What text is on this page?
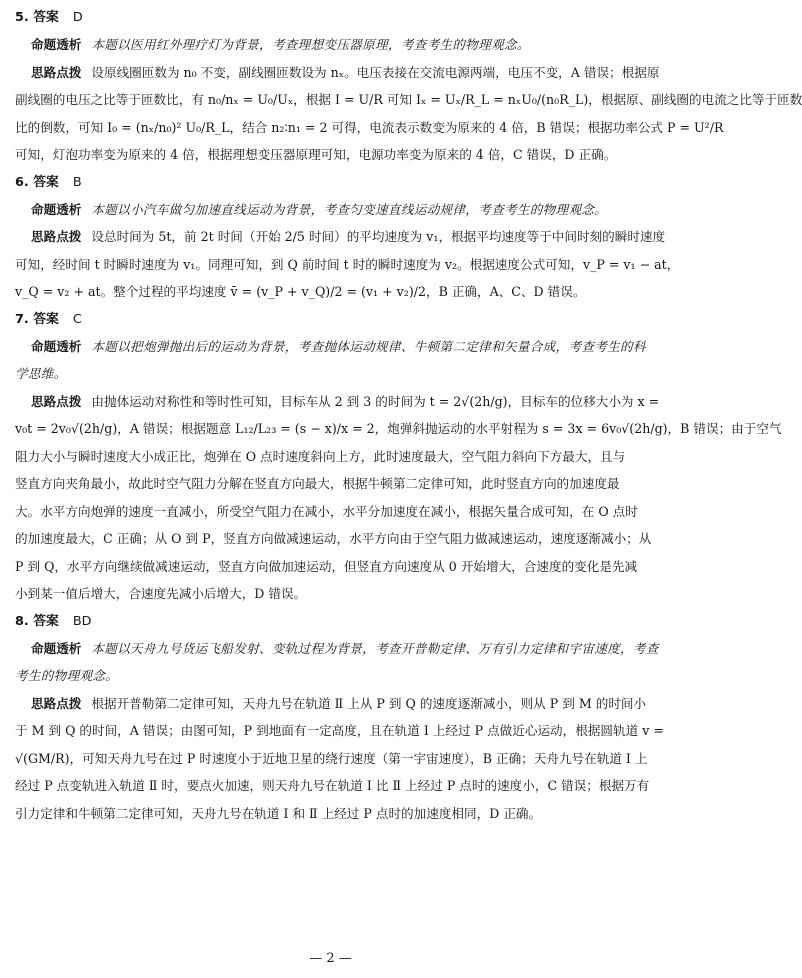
5. 答案 D
命题透析 本题以医用红外理疗灯为背景，考查理想变压器原理，考查考生的物理观念。
思路点拨 设原线圈匝数为 n₀ 不变，副线圈匝数设为 nₓ。电压表接在交流电源两端，电压不变，A 错误；根据原
副线圈的电压之比等于匝数比，有 n₀/nₓ = U₀/Uₓ，根据 I = U/R 可知 Iₓ = Uₓ/R_L = nₓU₀/(n₀R_L)，根据原、副线圈的电流之比等于匝数
比的倒数，可知 I₀ = (nₓ/n₀)² U₀/R_L，结合 n₂∶n₁ = 2 可得，电流表示数变为原来的 4 倍，B 错误；根据功率公式 P = U²/R
可知，灯泡功率变为原来的 4 倍，根据理想变压器原理可知，电源功率变为原来的 4 倍，C 错误，D 正确。
6. 答案 B
命题透析 本题以小汽车做匀加速直线运动为背景，考查匀变速直线运动规律，考查考生的物理观念。
思路点拨 设总时间为 5t，前 2t 时间（开始 2/5 时间）的平均速度为 v₁，根据平均速度等于中间时刻的瞬时速度
可知，经时间 t 时瞬时速度为 v₁。同理可知，到 Q 前时间 t 时的瞬时速度为 v₂。根据速度公式可知，v_P = v₁ − at，
v_Q = v₂ + at。整个过程的平均速度 v̄ = (v_P + v_Q)/2 = (v₁ + v₂)/2，B 正确，A、C、D 错误。
7. 答案 C
命题透析 本题以把炮弹抛出后的运动为背景，考查抛体运动规律、牛顿第二定律和矢量合成，考查考生的科
学思维。
思路点拨 由抛体运动对称性和等时性可知，目标车从 2 到 3 的时间为 t = 2√(2h/g)，目标车的位移大小为 x =
v₀t = 2v₀√(2h/g)，A 错误；根据题意 L₁₂/L₂₃ = (s − x)/x = 2，炮弹斜抛运动的水平射程为 s = 3x = 6v₀√(2h/g)，B 错误；由于空气
阻力大小与瞬时速度大小成正比，炮弹在 O 点时速度斜向上方，此时速度最大，空气阻力斜向下方最大，且与
竖直方向夹角最小，故此时空气阻力分解在竖直方向最大，根据牛顿第二定律可知，此时竖直方向的加速度最
大。水平方向炮弹的速度一直减小，所受空气阻力在减小，水平分加速度在减小，根据矢量合成可知，在 O 点时
的加速度最大，C 正确；从 O 到 P，竖直方向做减速运动，水平方向由于空气阻力做减速运动，速度逐渐减小；从
P 到 Q，水平方向继续做减速运动，竖直方向做加速运动，但竖直方向速度从 0 开始增大，合速度的变化是先减
小到某一值后增大，合速度先减小后增大，D 错误。
8. 答案 BD
命题透析 本题以天舟九号货运飞船发射、变轨过程为背景，考查开普勒定律、万有引力定律和宇宙速度，考查
考生的物理观念。
思路点拨 根据开普勒第二定律可知，天舟九号在轨道 Ⅱ 上从 P 到 Q 的速度逐渐减小，则从 P 到 M 的时间小
于 M 到 Q 的时间，A 错误；由图可知，P 到地面有一定高度，且在轨道 Ⅰ 上经过 P 点做近心运动，根据圆轨道 v =
√(GM/R)，可知天舟九号在过 P 时速度小于近地卫星的绕行速度（第一宇宙速度），B 正确；天舟九号在轨道 Ⅰ 上
经过 P 点变轨进入轨道 Ⅱ 时，要点火加速，则天舟九号在轨道 Ⅰ 比 Ⅱ 上经过 P 点时的速度小，C 错误；根据万有
引力定律和牛顿第二定律可知，天舟九号在轨道 Ⅰ 和 Ⅱ 上经过 P 点时的加速度相同，D 正确。
— 2 —
